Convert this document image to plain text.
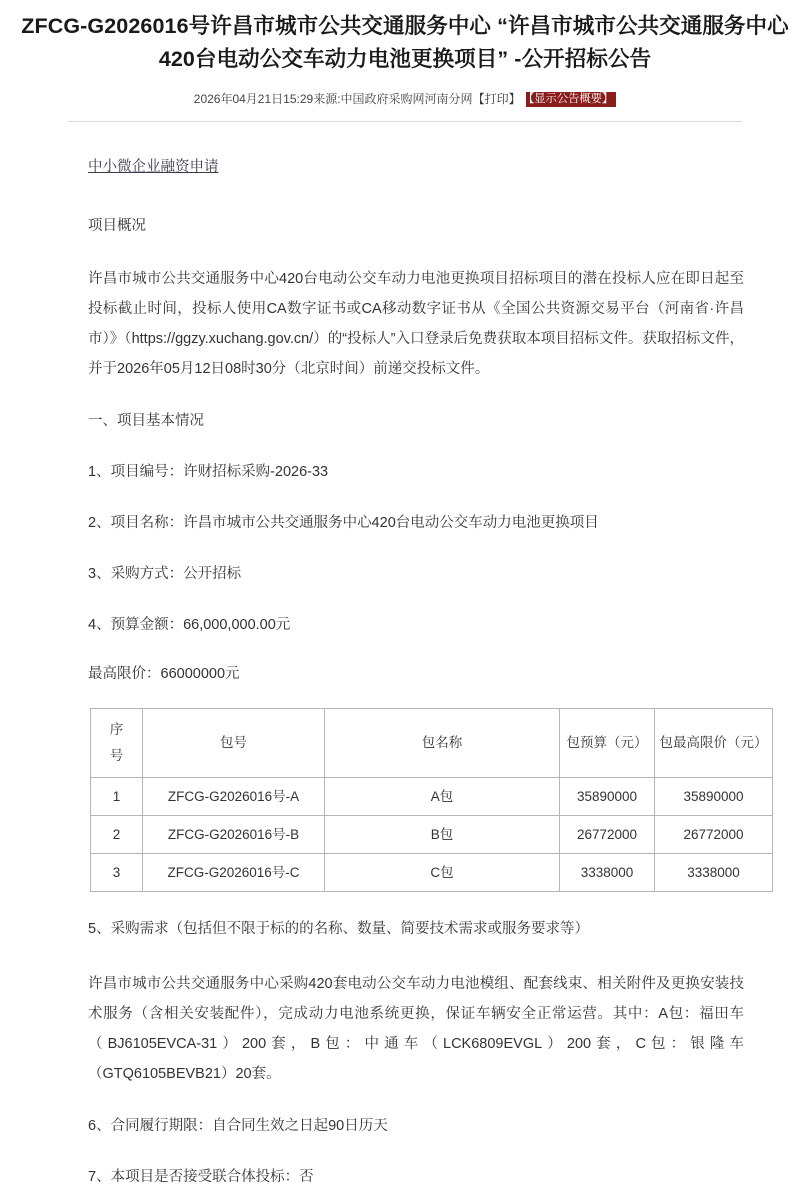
ZFCG-G2026016号许昌市城市公共交通服务中心 “许昌市城市公共交通服务中心420台电动公交车动力电池更换项目” -公开招标公告
2026年04月21日15:29来源:中国政府采购网河南分网【打印】 【显示公告概要】
中小微企业融资申请
项目概况

许昌市城市公共交通服务中心420台电动公交车动力电池更换项目招标项目的潜在投标人应在即日起至投标截止时间，投标人使用CA数字证书或CA移动数字证书从《全国公共资源交易平台（河南省·许昌市）》（https://ggzy.xuchang.gov.cn/）的“投标人”入口登录后免费获取本项目招标文件。获取招标文件，并于2026年05月12日08时30分（北京时间）前递交投标文件。

一、项目基本情况

1、项目编号：许财招标采购-2026-33

2、项目名称：许昌市城市公共交通服务中心420台电动公交车动力电池更换项目

3、采购方式：公开招标

4、预算金额：66,000,000.00元

最高限价：66000000元

序
号	包号	包名称	包预算（元）	包最高限价（元）
1	ZFCG-G2026016号-A	A包	35890000	35890000
2	ZFCG-G2026016号-B	B包	26772000	26772000
3	ZFCG-G2026016号-C	C包	3338000	3338000

5、采购需求（包括但不限于标的的名称、数量、简要技术需求或服务要求等）

许昌市城市公共交通服务中心采购420套电动公交车动力电池模组、配套线束、相关附件及更换安装技术服务（含相关安装配件），完成动力电池系统更换，保证车辆安全正常运营。其中：A包：福田车（BJ6105EVCA-31）200套，B包：中通车（LCK6809EVGL）200套，C包：银隆车（GTQ6105BEVB21）20套。

6、合同履行期限：自合同生效之日起90日历天

7、本项目是否接受联合体投标：否
